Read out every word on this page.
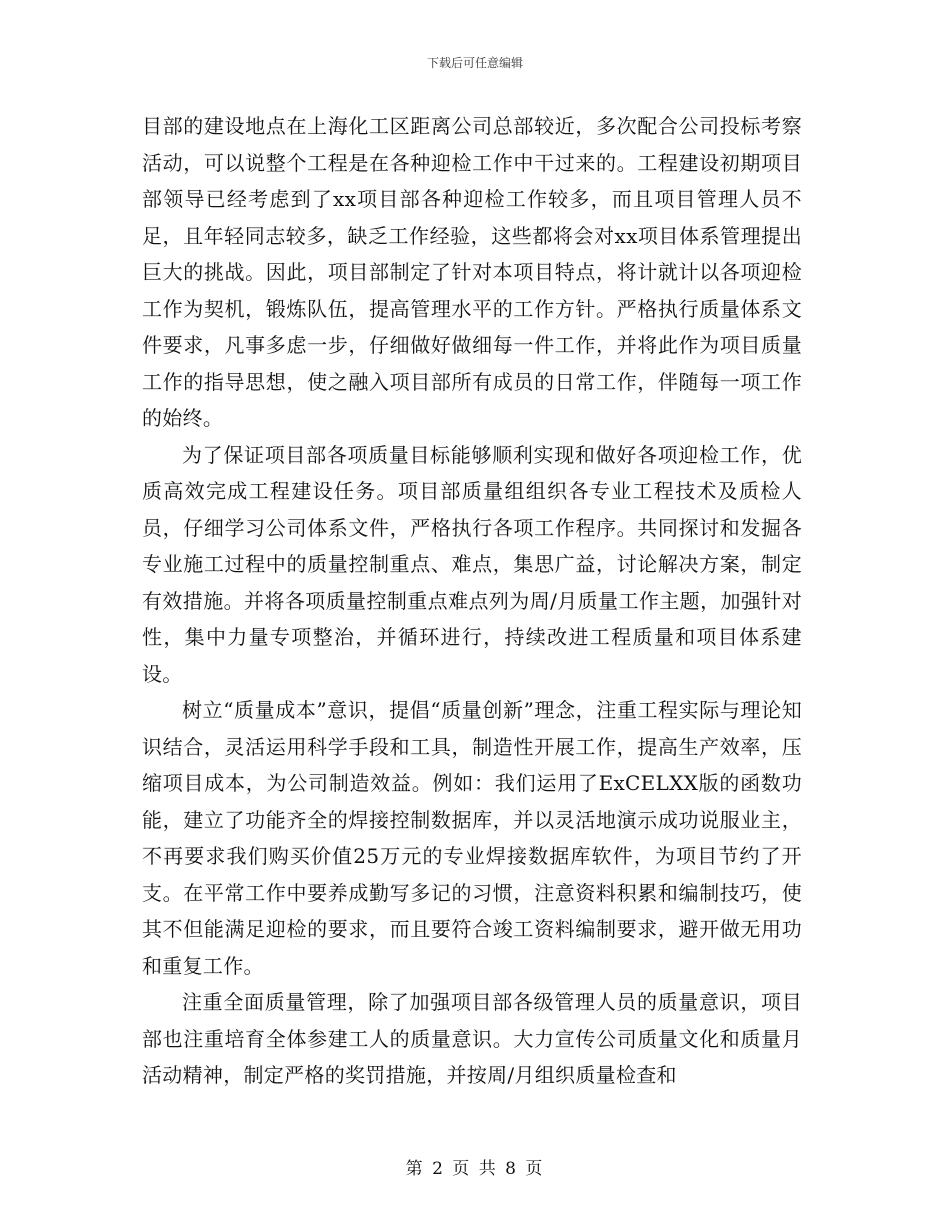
下载后可任意编辑

目部的建设地点在上海化工区距离公司总部较近，多次配合公司投标考察活动，可以说整个工程是在各种迎检工作中干过来的。工程建设初期项目部领导已经考虑到了xx项目部各种迎检工作较多，而且项目管理人员不足，且年轻同志较多，缺乏工作经验，这些都将会对xx项目体系管理提出巨大的挑战。因此，项目部制定了针对本项目特点，将计就计以各项迎检工作为契机，锻炼队伍，提高管理水平的工作方针。严格执行质量体系文件要求，凡事多虑一步，仔细做好做细每一件工作，并将此作为项目质量工作的指导思想，使之融入项目部所有成员的日常工作，伴随每一项工作的始终。

为了保证项目部各项质量目标能够顺利实现和做好各项迎检工作，优质高效完成工程建设任务。项目部质量组组织各专业工程技术及质检人员，仔细学习公司体系文件，严格执行各项工作程序。共同探讨和发掘各专业施工过程中的质量控制重点、难点，集思广益，讨论解决方案，制定有效措施。并将各项质量控制重点难点列为周/月质量工作主题，加强针对性，集中力量专项整治，并循环进行，持续改进工程质量和项目体系建设。

树立“质量成本”意识，提倡“质量创新”理念，注重工程实际与理论知识结合，灵活运用科学手段和工具，制造性开展工作，提高生产效率，压缩项目成本，为公司制造效益。例如：我们运用了ExCELXX版的函数功能，建立了功能齐全的焊接控制数据库，并以灵活地演示成功说服业主，不再要求我们购买价值25万元的专业焊接数据库软件，为项目节约了开支。在平常工作中要养成勤写多记的习惯，注意资料积累和编制技巧，使其不但能满足迎检的要求，而且要符合竣工资料编制要求，避开做无用功和重复工作。

注重全面质量管理，除了加强项目部各级管理人员的质量意识，项目部也注重培育全体参建工人的质量意识。大力宣传公司质量文化和质量月活动精神，制定严格的奖罚措施，并按周/月组织质量检查和

第 2 页 共 8 页
